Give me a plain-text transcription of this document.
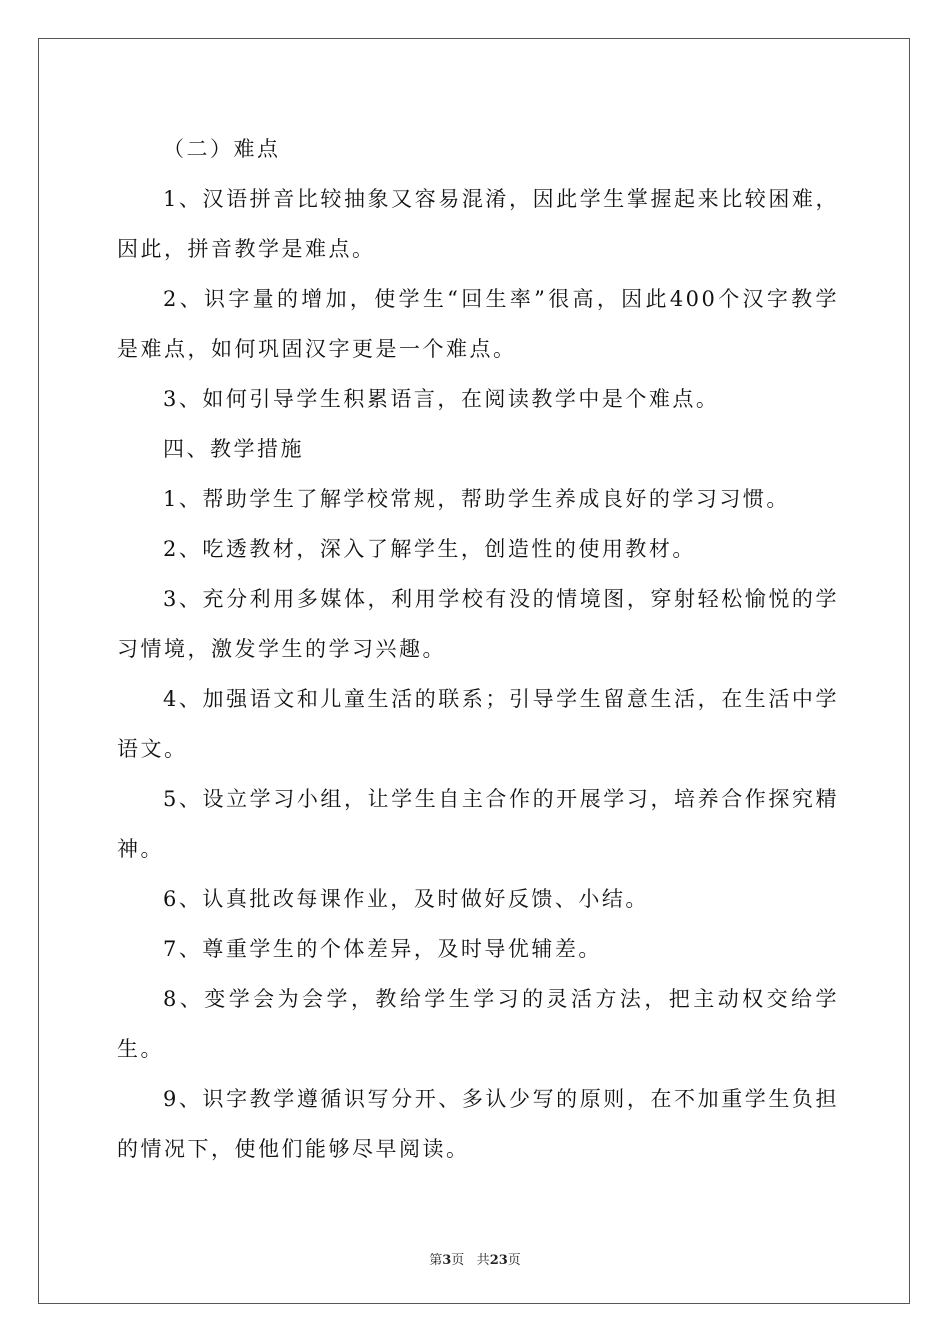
（二）难点

1、汉语拼音比较抽象又容易混淆，因此学生掌握起来比较困难，因此，拼音教学是难点。

2、识字量的增加，使学生“回生率”很高，因此400个汉字教学是难点，如何巩固汉字更是一个难点。

3、如何引导学生积累语言，在阅读教学中是个难点。

四、教学措施

1、帮助学生了解学校常规，帮助学生养成良好的学习习惯。

2、吃透教材，深入了解学生，创造性的使用教材。

3、充分利用多媒体，利用学校有没的情境图，穿射轻松愉悦的学习情境，激发学生的学习兴趣。

4、加强语文和儿童生活的联系；引导学生留意生活，在生活中学语文。

5、设立学习小组，让学生自主合作的开展学习，培养合作探究精神。

6、认真批改每课作业，及时做好反馈、小结。

7、尊重学生的个体差异，及时导优辅差。

8、变学会为会学，教给学生学习的灵活方法，把主动权交给学生。

9、识字教学遵循识写分开、多认少写的原则，在不加重学生负担的情况下，使他们能够尽早阅读。

第3页 共23页
